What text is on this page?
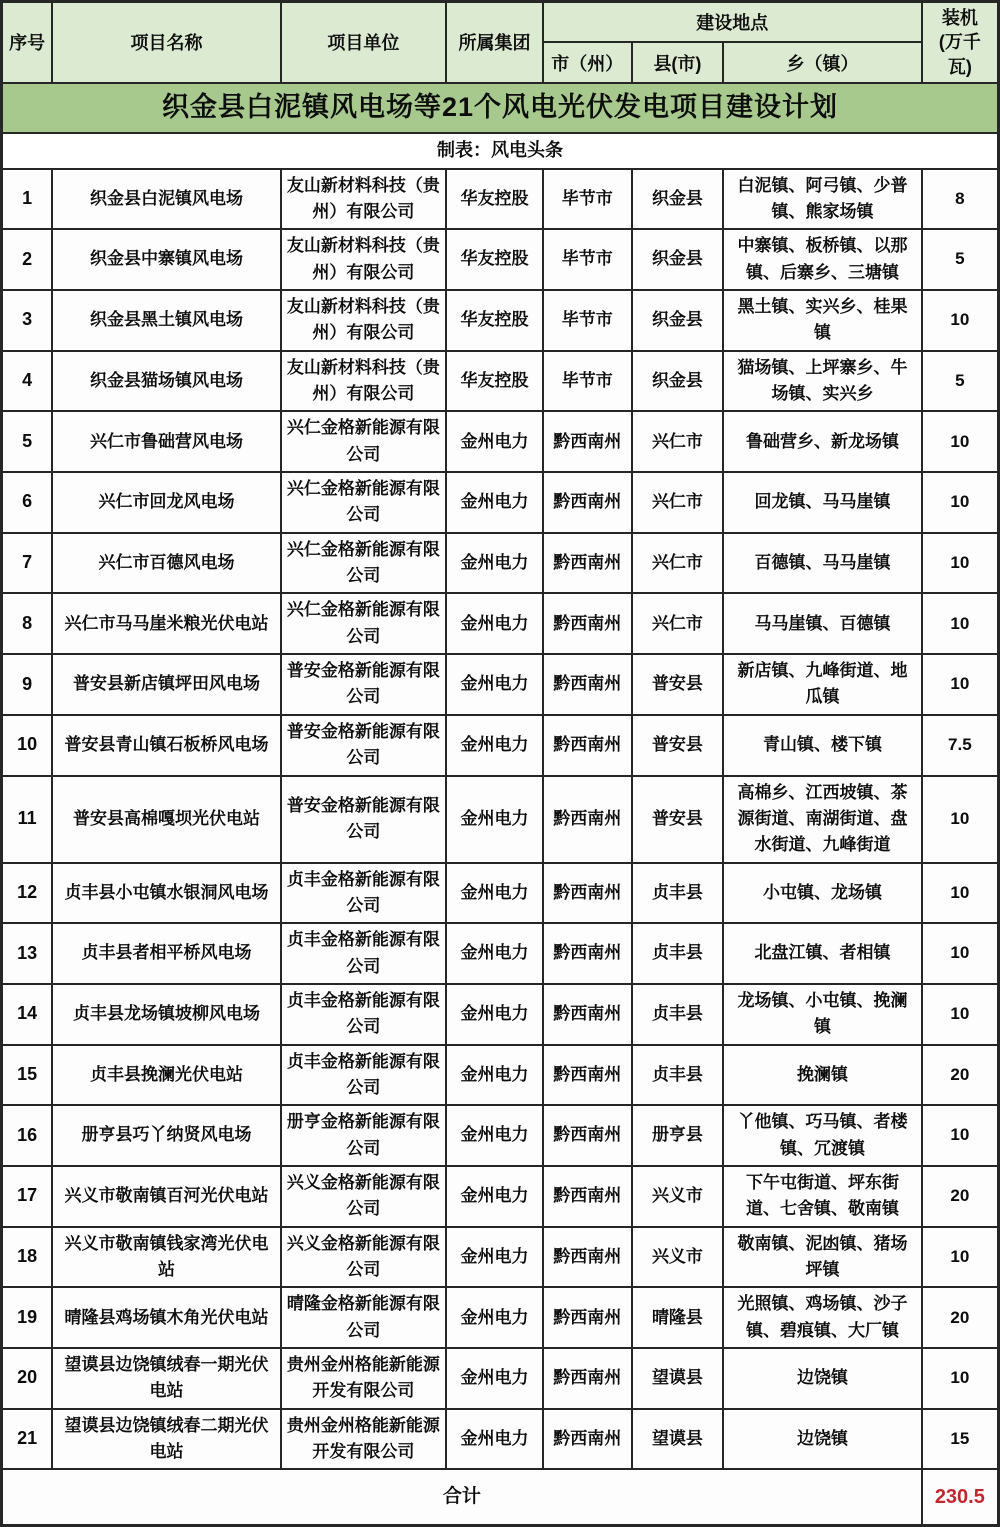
织金县白泥镇风电场等21个风电光伏发电项目建设计划							
制表：风电头条							
序号	项目名称	项目单位	所属集团	建设地点			装机
(万千瓦)

				市（州）	县(市)	乡（镇）	
1	织金县白泥镇风电场	友山新材料科技（贵州）有限公司	华友控股	毕节市	织金县	白泥镇、阿弓镇、少普镇、熊家场镇	8
2	织金县中寨镇风电场	友山新材料科技（贵州）有限公司	华友控股	毕节市	织金县	中寨镇、板桥镇、以那镇、后寨乡、三塘镇	5
3	织金县黑土镇风电场	友山新材料科技（贵州）有限公司	华友控股	毕节市	织金县	黑土镇、实兴乡、桂果镇	10
4	织金县猫场镇风电场	友山新材料科技（贵州）有限公司	华友控股	毕节市	织金县	猫场镇、上坪寨乡、牛场镇、实兴乡	5
5	兴仁市鲁础营风电场	兴仁金格新能源有限公司	金州电力	黔西南州	兴仁市	鲁础营乡、新龙场镇	10
6	兴仁市回龙风电场	兴仁金格新能源有限公司	金州电力	黔西南州	兴仁市	回龙镇、马马崖镇	10
7	兴仁市百德风电场	兴仁金格新能源有限公司	金州电力	黔西南州	兴仁市	百德镇、马马崖镇	10
8	兴仁市马马崖米粮光伏电站	兴仁金格新能源有限公司	金州电力	黔西南州	兴仁市	马马崖镇、百德镇	10
9	普安县新店镇坪田风电场	普安金格新能源有限公司	金州电力	黔西南州	普安县	新店镇、九峰街道、地瓜镇	10
10	普安县青山镇石板桥风电场	普安金格新能源有限公司	金州电力	黔西南州	普安县	青山镇、楼下镇	7.5
11	普安县高棉嘎坝光伏电站	普安金格新能源有限公司	金州电力	黔西南州	普安县	高棉乡、江西坡镇、茶源街道、南湖街道、盘水街道、九峰街道	10
12	贞丰县小屯镇水银洞风电场	贞丰金格新能源有限公司	金州电力	黔西南州	贞丰县	小屯镇、龙场镇	10
13	贞丰县者相平桥风电场	贞丰金格新能源有限公司	金州电力	黔西南州	贞丰县	北盘江镇、者相镇	10
14	贞丰县龙场镇坡柳风电场	贞丰金格新能源有限公司	金州电力	黔西南州	贞丰县	龙场镇、小屯镇、挽澜镇	10
15	贞丰县挽澜光伏电站	贞丰金格新能源有限公司	金州电力	黔西南州	贞丰县	挽澜镇	20
16	册亨县巧丫纳贤风电场	册亨金格新能源有限公司	金州电力	黔西南州	册亨县	丫他镇、巧马镇、者楼镇、冗渡镇	10
17	兴义市敬南镇百河光伏电站	兴义金格新能源有限公司	金州电力	黔西南州	兴义市	下午屯街道、坪东街道、七舍镇、敬南镇	20
18	兴义市敬南镇钱家湾光伏电站	兴义金格新能源有限公司	金州电力	黔西南州	兴义市	敬南镇、泥凼镇、猪场坪镇	10
19	晴隆县鸡场镇木角光伏电站	晴隆金格新能源有限公司	金州电力	黔西南州	晴隆县	光照镇、鸡场镇、沙子镇、碧痕镇、大厂镇	20
20	望谟县边饶镇绒春一期光伏电站	贵州金州格能新能源开发有限公司	金州电力	黔西南州	望谟县	边饶镇	10
21	望谟县边饶镇绒春二期光伏电站	贵州金州格能新能源开发有限公司	金州电力	黔西南州	望谟县	边饶镇	15
合计							230.5
